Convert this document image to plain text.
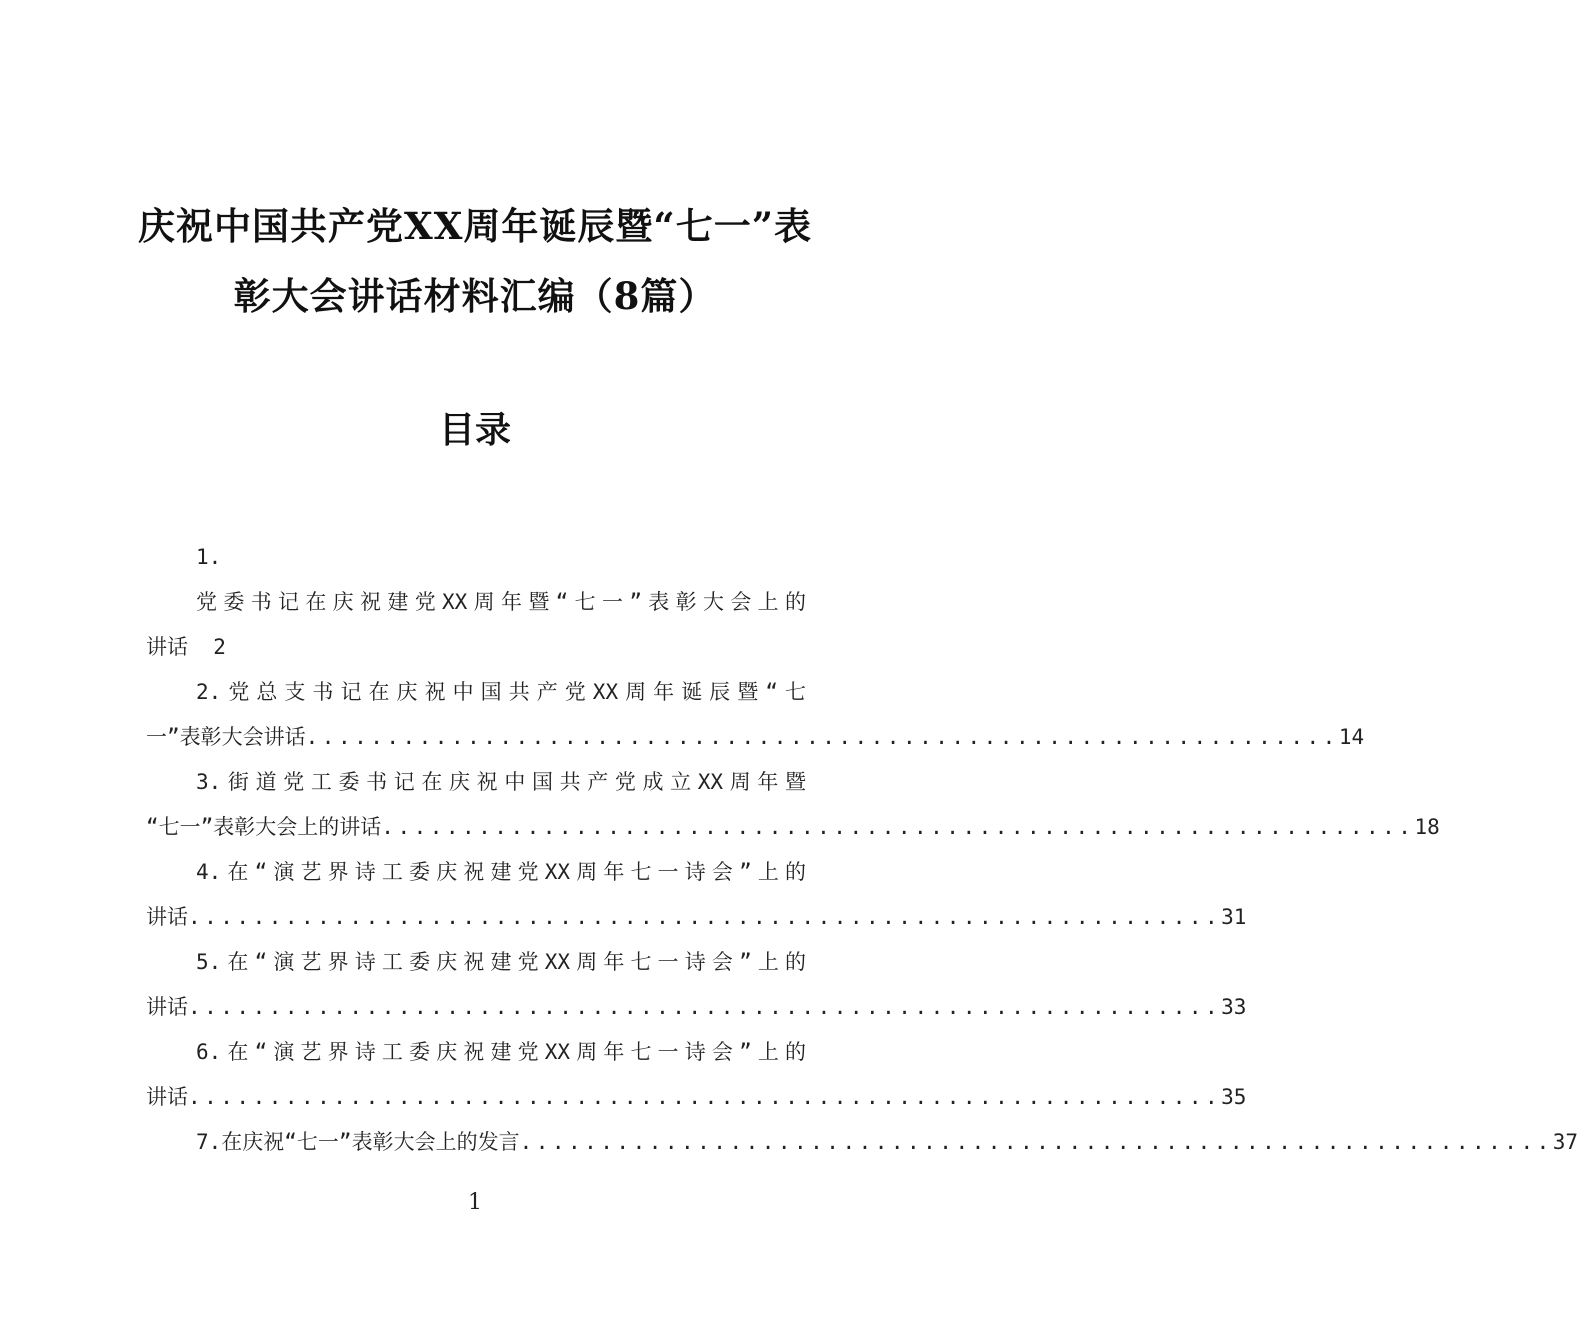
庆祝中国共产党XX周年诞辰暨“七一”表
彰大会讲话材料汇编（8篇）
目录
1.
党委书记在庆祝建党XX周年暨“七一”表彰大会上的
讲话  2
2.党总支书记在庆祝中国共产党XX周年诞辰暨“七
一”表彰大会讲话 ................................................................ 14
3.街道党工委书记在庆祝中国共产党成立XX周年暨
“七一”表彰大会上的讲话 ................................................................ 18
4.在“演艺界诗工委庆祝建党XX周年七一诗会”上的
讲话 ................................................................ 31
5.在“演艺界诗工委庆祝建党XX周年七一诗会”上的
讲话 ................................................................ 33
6.在“演艺界诗工委庆祝建党XX周年七一诗会”上的
讲话 ................................................................ 35
7.在庆祝“七一”表彰大会上的发言 ................................................................ 37
1
